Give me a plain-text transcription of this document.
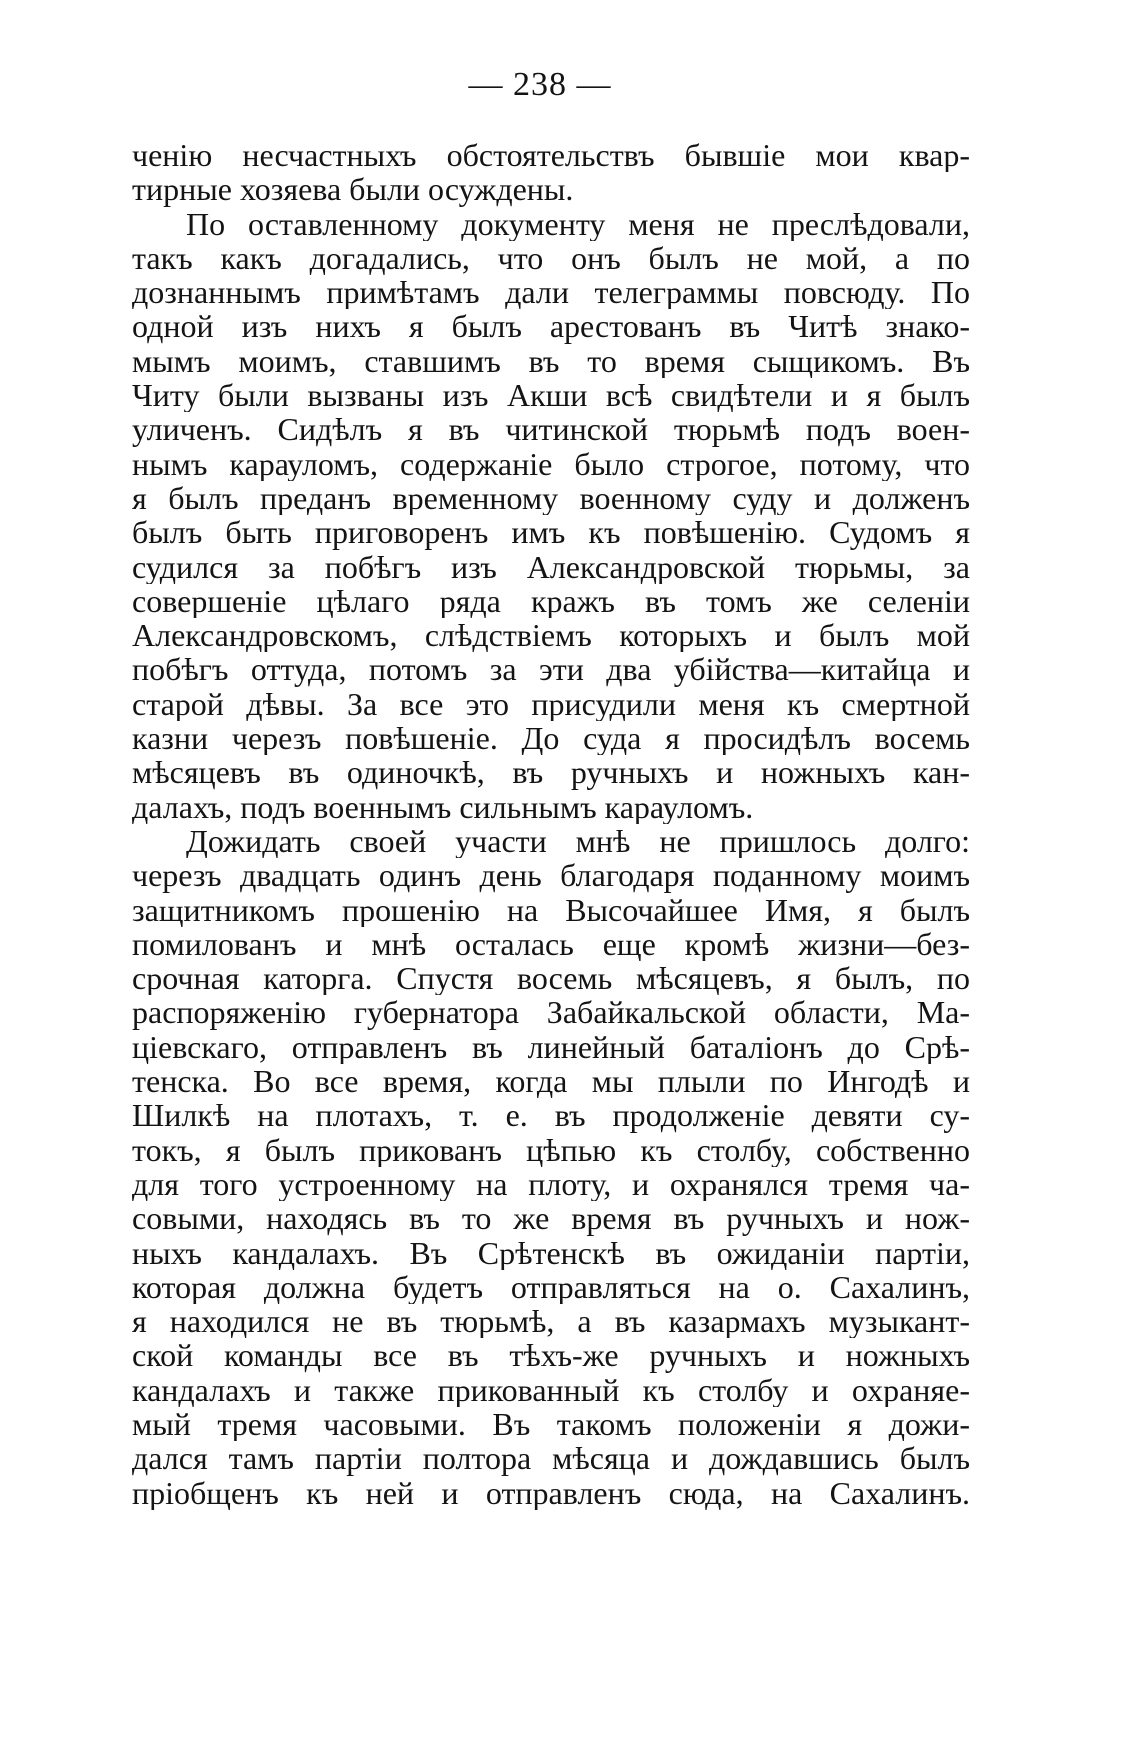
— 238 —
ченію несчастныхъ обстоятельствъ бывшіе мои квар-
тирные хозяева были осуждены.
По оставленному документу меня не преслѣдовали,
такъ какъ догадались, что онъ былъ не мой, а по
дознаннымъ примѣтамъ дали телеграммы повсюду. По
одной изъ нихъ я былъ арестованъ въ Читѣ знако-
мымъ моимъ, ставшимъ въ то время сыщикомъ. Въ
Читу были вызваны изъ Акши всѣ свидѣтели и я былъ
уличенъ. Сидѣлъ я въ читинской тюрьмѣ подъ воен-
нымъ карауломъ, содержаніе было строгое, потому, что
я былъ преданъ временному военному суду и долженъ
былъ быть приговоренъ имъ къ повѣшенію. Судомъ я
судился за побѣгъ изъ Александровской тюрьмы, за
совершеніе цѣлаго ряда кражъ въ томъ же селеніи
Александровскомъ, слѣдствіемъ которыхъ и былъ мой
побѣгъ оттуда, потомъ за эти два убійства—китайца и
старой дѣвы. За все это присудили меня къ смертной
казни черезъ повѣшеніе. До суда я просидѣлъ восемь
мѣсяцевъ въ одиночкѣ, въ ручныхъ и ножныхъ кан-
далахъ, подъ военнымъ сильнымъ карауломъ.
Дожидать своей участи мнѣ не пришлось долго:
черезъ двадцать одинъ день благодаря поданному моимъ
защитникомъ прошенію на Высочайшее Имя, я былъ
помилованъ и мнѣ осталась еще кромѣ жизни—без-
срочная каторга. Спустя восемь мѣсяцевъ, я былъ, по
распоряженію губернатора Забайкальской области, Ма-
ціевскаго, отправленъ въ линейный баталіонъ до Срѣ-
тенска. Во все время, когда мы плыли по Ингодѣ и
Шилкѣ на плотахъ, т. е. въ продолженіе девяти су-
токъ, я былъ прикованъ цѣпью къ столбу, собственно
для того устроенному на плоту, и охранялся тремя ча-
совыми, находясь въ то же время въ ручныхъ и нож-
ныхъ кандалахъ. Въ Срѣтенскѣ въ ожиданіи партіи,
которая должна будетъ отправляться на о. Сахалинъ,
я находился не въ тюрьмѣ, а въ казармахъ музыкант-
ской команды все въ тѣхъ-же ручныхъ и ножныхъ
кандалахъ и также прикованный къ столбу и охраняе-
мый тремя часовыми. Въ такомъ положеніи я дожи-
дался тамъ партіи полтора мѣсяца и дождавшись былъ
пріобщенъ къ ней и отправленъ сюда, на Сахалинъ.
